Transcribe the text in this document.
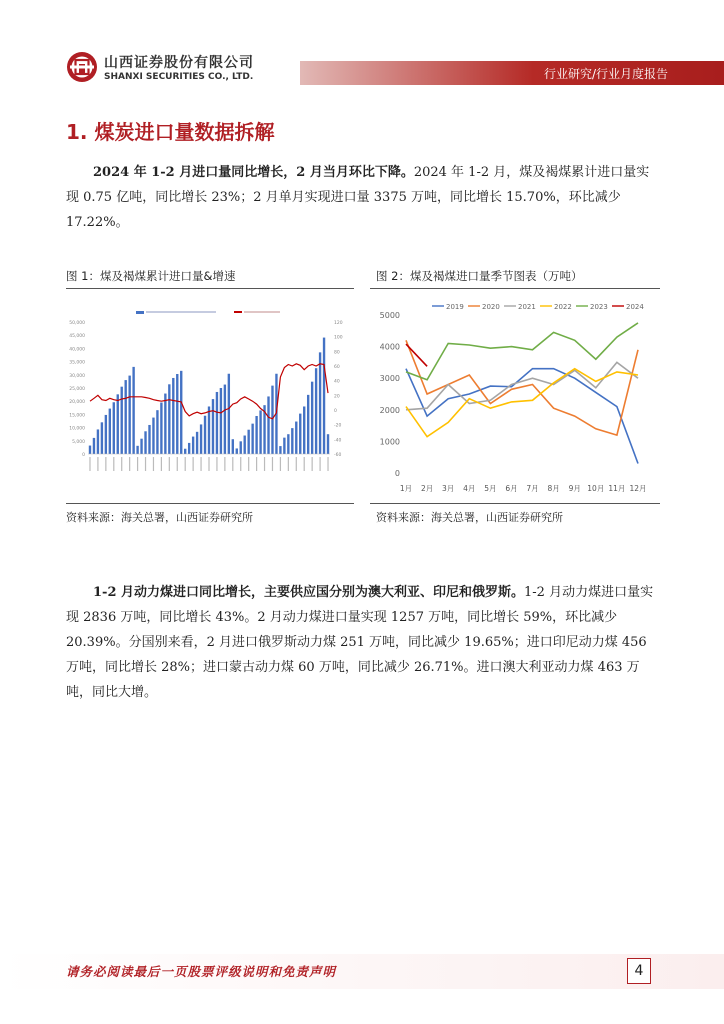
山西证券股份有限公司
SHANXI SECURITIES CO., LTD.	行业研究/行业月度报告
1. 煤炭进口量数据拆解

2024 年 1-2 月进口量同比增长，2 月当月环比下降。2024 年 1-2 月，煤及褐煤累计进口量实现 0.75 亿吨，同比增长 23%；2 月单月实现进口量 3375 万吨，同比增长 15.70%，环比减少 17.22%。

图 1：煤及褐煤累计进口量&增速
50,000
45,000
40,000
35,000
30,000
25,000
20,000
15,000
10,000
5,000
0
120
100
80
60
40
20
0
-20
-40
-60
资料来源：海关总署，山西证券研究所
图 2：煤及褐煤进口量季节图表（万吨）
5000
4000
3000
2000
1000
0
1月 2月 3月 4月 5月 6月 7月 8月 9月 10月 11月 12月
2019	2020	2021	2022	2023	2024
资料来源：海关总署，山西证券研究所

1-2 月动力煤进口同比增长，主要供应国分别为澳大利亚、印尼和俄罗斯。1-2 月动力煤进口量实现 2836 万吨，同比增长 43%。2 月动力煤进口量实现 1257 万吨，同比增长 59%，环比减少 20.39%。分国别来看，2 月进口俄罗斯动力煤 251 万吨，同比减少 19.65%；进口印尼动力煤 456 万吨，同比增长 28%；进口蒙古动力煤 60 万吨，同比减少 26.71%。进口澳大利亚动力煤 463 万吨，同比大增。

请务必阅读最后一页股票评级说明和免责声明	4
